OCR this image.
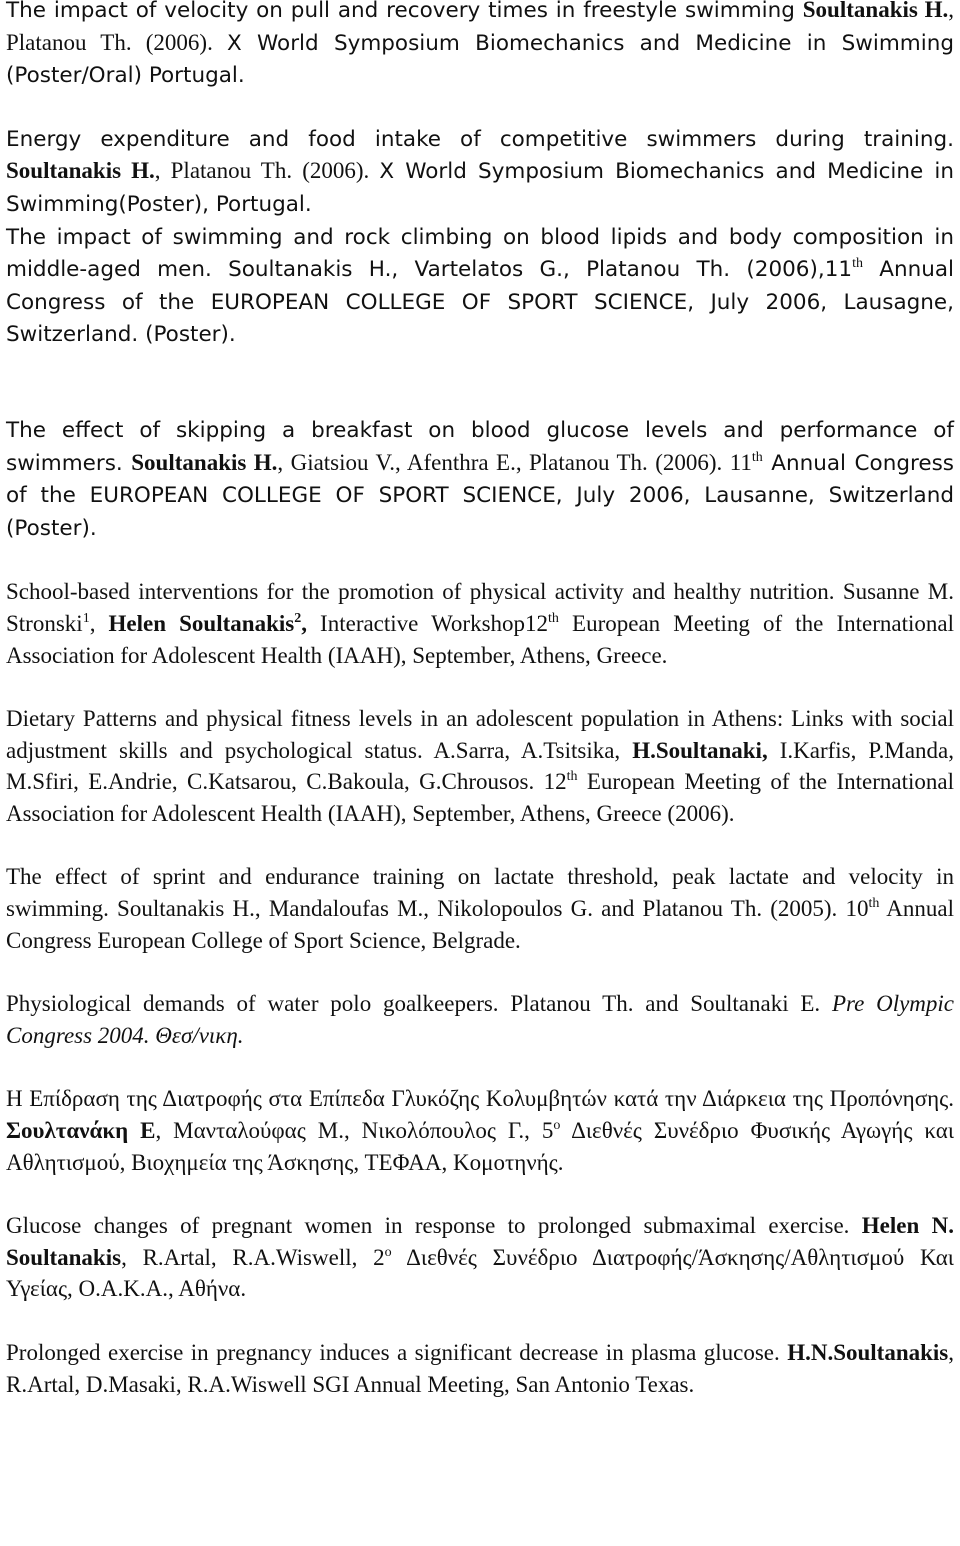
The impact of velocity on pull and recovery times in freestyle swimming Soultanakis H., Platanou Th. (2006). X World Symposium Biomechanics and Medicine in Swimming (Poster/Oral) Portugal.

Energy expenditure and food intake of competitive swimmers during training. Soultanakis H., Platanou Th. (2006). X World Symposium Biomechanics and Medicine in Swimming(Poster), Portugal.

The impact of swimming and rock climbing on blood lipids and body composition in middle-aged men. Soultanakis H., Vartelatos G., Platanou Th. (2006),11th Annual Congress of the EUROPEAN COLLEGE OF SPORT SCIENCE, July 2006, Lausagne, Switzerland. (Poster).

The effect of skipping a breakfast on blood glucose levels and performance of swimmers. Soultanakis H., Giatsiou V., Afenthra E., Platanou Th. (2006). 11th Annual Congress of the EUROPEAN COLLEGE OF SPORT SCIENCE, July 2006, Lausanne, Switzerland (Poster).

School-based interventions for the promotion of physical activity and healthy nutrition. Susanne M. Stronski$^1$, Helen Soultanakis$^2$, Interactive Workshop12th European Meeting of the International Association for Adolescent Health (IAAH), September, Athens, Greece.

Dietary Patterns and physical fitness levels in an adolescent population in Athens: Links with social adjustment skills and psychological status. A.Sarra, A.Tsitsika, H.Soultanaki, I.Karfis, P.Manda, M.Sfiri, E.Andrie, C.Katsarou, C.Bakoula, G.Chrousos. 12th European Meeting of the International Association for Adolescent Health (IAAH), September, Athens, Greece (2006).

The effect of sprint and endurance training on lactate threshold, peak lactate and velocity in swimming. Soultanakis H., Mandaloufas M., Nikolopoulos G. and Platanou Th. (2005). 10th Annual Congress European College of Sport Science, Belgrade.

Physiological demands of water polo goalkeepers. Platanou Th. and Soultanaki E. Pre Olympic Congress 2004. Θεσ/νικη.

Η Επίδραση της Διατροφής στα Επίπεδα Γλυκόζης Κολυμβητών κατά την Διάρκεια της Προπόνησης. Σουλτανάκη Ε, Μανταλούφας Μ., Νικολόπουλος Γ., $5^o$ Διεθνές Συνέδριο Φυσικής Αγωγής και Αθλητισμού, Βιοχημεία της Άσκησης, ΤΕΦΑΑ, Κομοτηνής.

Glucose changes of pregnant women in response to prolonged submaximal exercise. Helen N. Soultanakis, R.Artal, R.A.Wiswell, $2^o$ Διεθνές Συνέδριο Διατροφής/Άσκησης/Αθλητισμού Και Υγείας, Ο.Α.Κ.Α., Αθήνα.

Prolonged exercise in pregnancy induces a significant decrease in plasma glucose. H.N.Soultanakis, R.Artal, D.Masaki, R.A.Wiswell SGI Annual Meeting, San Antonio Texas.
